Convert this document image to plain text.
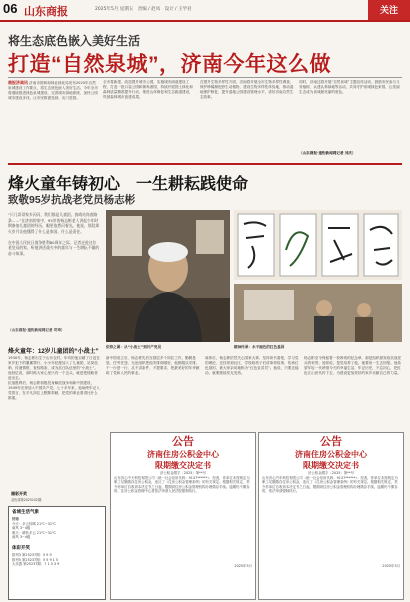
06 山东商报	2025年5月 星期五　责编 / 赵凤　设计 / 王学君	关注
将生态底色嵌入美好生活
打造“自然泉城”，济南今年这么做
商报济南讯 济南市园林和林业绿化局发布2025年自然泉城建设工作要点，将生态底色嵌入美好生活。今年全市将继续推进绿色泉城建设，完善城市绿地系统，加快公园城市建设步伐，让市民推窗见绿、出门进园。
全市将新建、改造提升城市公园，实施城市绿道建设工程，打造一批口袋公园和街角游园，持续开展国土绿化和森林质量精准提升行动，推进山体修复和生态廊道建设，巩固森林城市创建成果。
在提升生物多样性方面，济南将开展全市生物多样性调查，保护珍稀濒危野生动植物，建设生物多样性体验地，推动湿地保护修复，提升湿地公园建设管理水平，讲好济南自然生态故事。
同时，济南还将开展“自然泉城”主题宣传活动，鼓励市民参与义务植树、认建认养绿地等活动，共同守护泉城绿色家园，让美丽生态成为泉城最亮丽的底色。
（山东商报·速豹新闻网记者 刘庆）
烽火童年铸初心　一生耕耘践使命
致敬95岁抗战老党员杨志彬
“只儿哥哥家乡闪闪，我们都是儿童团，放哨站岗查路条……”在济南的家中，95岁的杨志彬老人讲起少年时期参加儿童团的经历，眼里依然闪着光。他说，那段烽火岁月让他懂得了什么是家国，什么是责任。

在中国人民抗日战争胜利80周年之际，记者走进这位老党员的家，听他讲述战火中的童年与一生耕耘不辍的奋斗故事。
（山东商报·速豹新闻网记者 苟琦）
依仰之图：从“小战士”到共产党员	精神传承：永不褪色的红色基因
烽火童年：12岁儿童团的“小战士”
1930年，杨志彬出生于山东农村。年幼的他目睹了日寇在家乡犯下的累累罪行，小小年纪便加入了儿童团，站岗放哨、传递情报、查验路条，成为抗日队伍里的“小战士”。他回忆说，那时候大家心里只有一个念头，就是把侵略者赶出去。
抗战胜利后，杨志彬积极投身解放战争和新中国建设，1949年光荣加入中国共产党。七十多年来，他始终牢记入党誓言，在平凡岗位上默默奉献，把党的事业看得比什么都重。
新中国成立后，杨志彬先后在基层多个岗位工作，勤勤恳恳，任劳任怨。无论组织把他安排到哪里，他都服从安排，干一行爱一行，从不讲条件、不提要求，把最美好的年华献给了党和人民的事业。
离休后，杨志彬依然关心国家大事，坚持读书看报，学习党的理论，还经常到社区、学校给孩子们讲革命故事，传承红色基因，被大家亲切地称为“红色宣讲员”。他说，只要还能动，就要继续发光发热。
杨志彬至今保留着一枚珍贵的纪念章，那是组织颁发给抗战老兵的荣誉。他常说，是党培养了他，他要用一生去回报。他希望年轻一代珍惜今天的幸福生活，牢记历史，不忘初心，把红色江山世代传下去，为建设更加美好的家乡贡献自己的力量。
公告
济南住房公积金中心
限期缴交决定书
济公积金缴字〔2025〕第**号
山东济心中天科技有限公司（统一社会信用代码：9137******）：经查，你单位未按规定为职工足额缴存住房公积金，违反了《住房公积金管理条例》的有关规定。根据相关规定，责令你单位自收到本决定书之日起，限期到住房公积金管理机构办理缴存手续。逾期仍不缴存的，住房公积金管理中心将依法申请人民法院强制执行。
2025年5月
公告
济南住房公积金中心
限期缴交决定书
济公积金缴字〔2025〕第**号
山东济心汽车科技有限公司（统一社会信用代码：9137******）：经查，你单位未按规定为职工足额缴存住房公积金，违反了《住房公积金管理条例》的有关规定。根据相关规定，责令你单位自收到本决定书之日起，限期到住房公积金管理机构办理缴存手续。逾期仍不缴存的，依法申请强制执行。
2025年5月
省城生活气象
济南
今天：多云转晴 21℃~31℃
南风 3~4级
明天：晴转多云 21℃~31℃
南风 3~4级
体彩开奖
排列3 第25237期：5 5 9
排列5 第25237期：5 5 9 1 5
大乐透 第25237期：7 1 3 3 9
福彩开奖
双色球第2025102期：
